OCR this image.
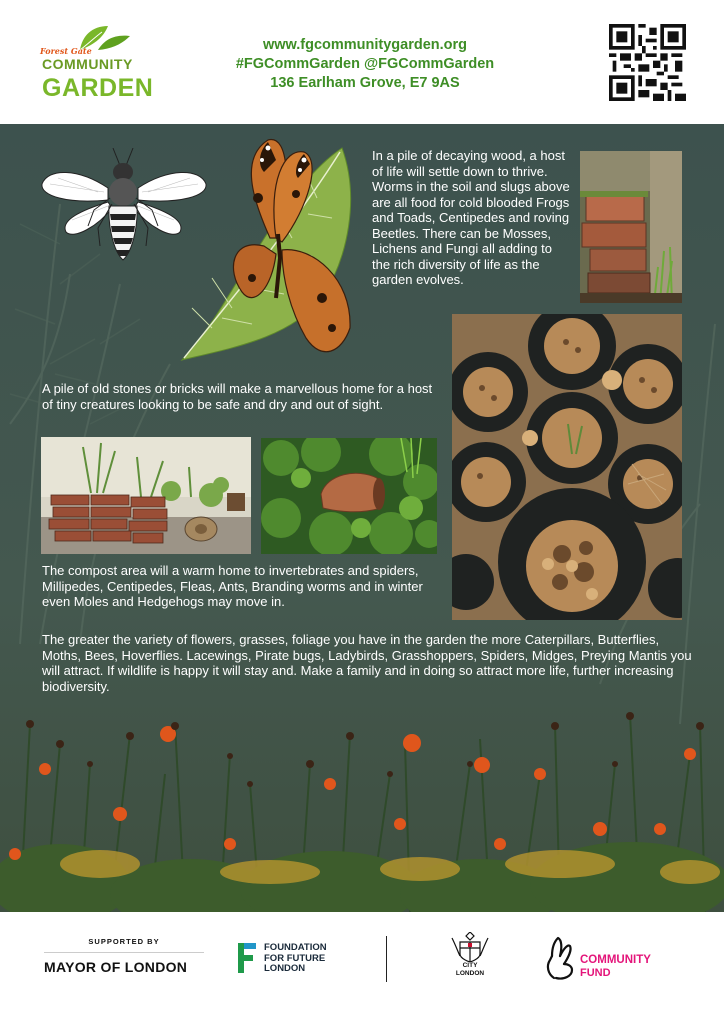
Forest Gate
COMMUNITY
GARDEN
www.fgcommunitygarden.org
#FGCommGarden @FGCommGarden
136 Earlham Grove, E7 9AS
In a pile of decaying wood, a host of life will settle down to thrive. Worms in the soil and slugs above are all food for cold blooded Frogs and Toads, Centipedes and roving Beetles. There can be Mosses, Lichens and Fungi all adding to the rich diversity of life as the garden evolves.
A pile of old stones or bricks will make a marvellous home for a host of tiny creatures looking to be safe and dry and out of sight.
The compost area will a warm home to invertebrates and spiders, Millipedes, Centipedes, Fleas, Ants, Branding worms and in winter even Moles and Hedgehogs may move in.
The greater the variety of flowers, grasses, foliage you have in the garden the more Caterpillars, Butterflies, Moths, Bees, Hoverflies. Lacewings, Pirate bugs, Ladybirds, Grasshoppers, Spiders, Midges, Preying Mantis you will attract. If wildlife is happy it will stay and. Make a family and in doing so attract more life, further increasing biodiversity.
SUPPORTED BY
MAYOR OF LONDON
FOUNDATION
FOR FUTURE
LONDON	CITY
LONDON
COMMUNITY
FUND
